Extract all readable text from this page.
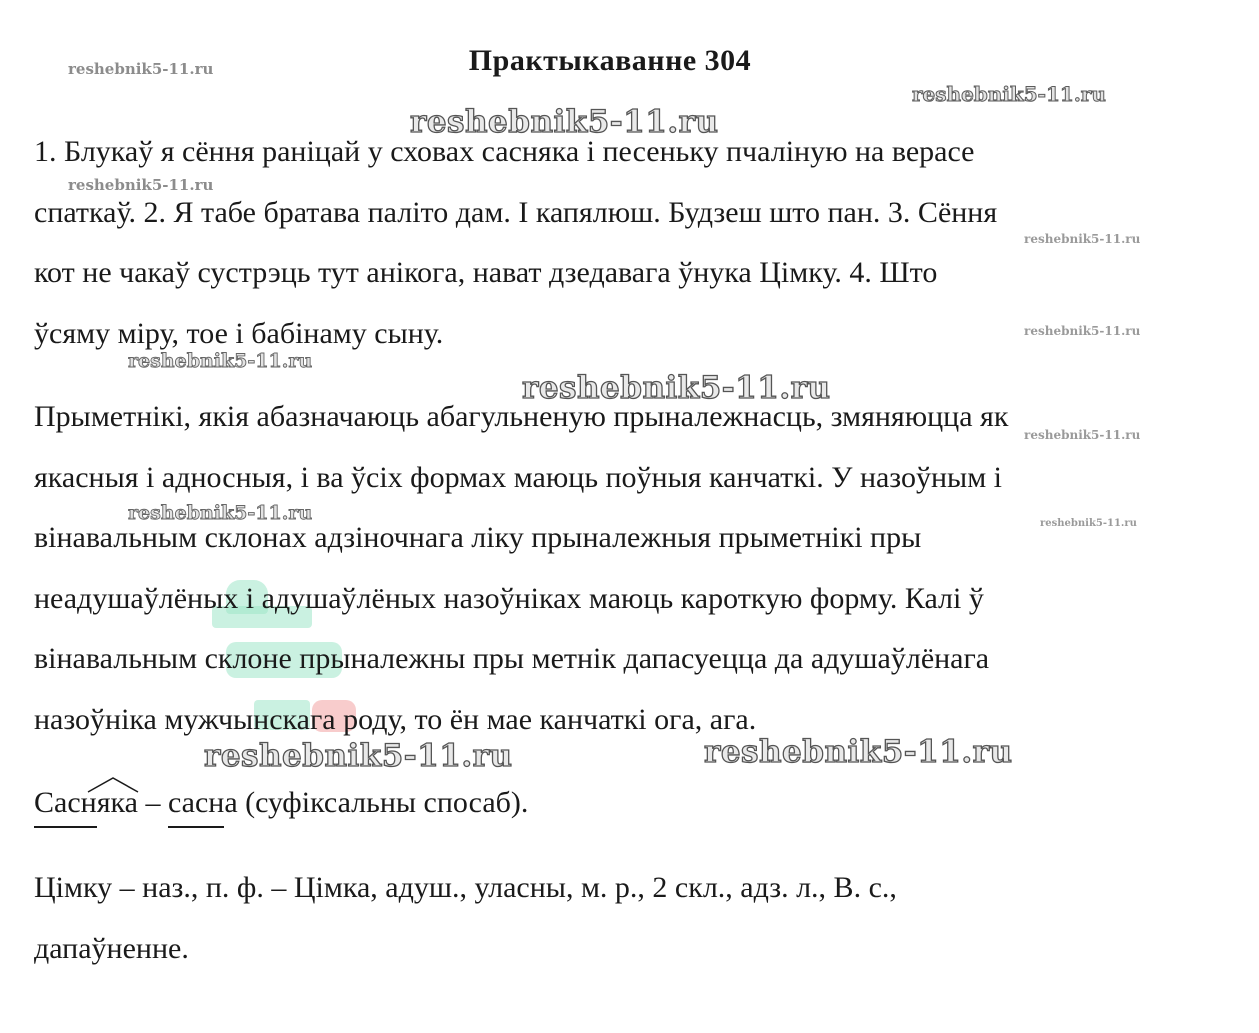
Практыкаванне 304
1. Блукаў я сёння раніцай у сховах сасняка і песеньку пчаліную на верасе
спаткаў. 2. Я табе братава паліто дам. І капялюш. Будзеш што пан. 3. Сёння
кот не чакаў сустрэць тут анікога, нават дзедавага ўнука Цімку. 4. Што
ўсяму міру, тое і бабінаму сыну.
Прыметнікі, якія абазначаюць абагульненую прыналежнасць, змяняюцца як
якасныя і адносныя, і ва ўсіх формах маюць поўныя канчаткі. У назоўным і
вінавальным склонах адзіночнага ліку прыналежныя прыметнікі пры
неадушаўлёных і адушаўлёных назоўніках маюць кароткую форму. Калі ў
вінавальным склоне прыналежны пры метнік дапасуецца да адушаўлёнага
назоўніка мужчынскага роду, то ён мае канчаткі ога, ага.
Сасняка – сасна (суфіксальны спосаб).
Цімку – наз., п. ф. – Цімка, адуш., уласны, м. р., 2 скл., адз. л., В. с.,
дапаўненне.
reshebnik5-11.ru
reshebnik5-11.ru
reshebnik5-11.ru
reshebnik5-11.ru
reshebnik5-11.ru
reshebnik5-11.ru
reshebnik5-11.ru
reshebnik5-11.ru
reshebnik5-11.ru
reshebnik5-11.ru	reshebnik5-11.ru
reshebnik5-11.ru	reshebnik5-11.ru
